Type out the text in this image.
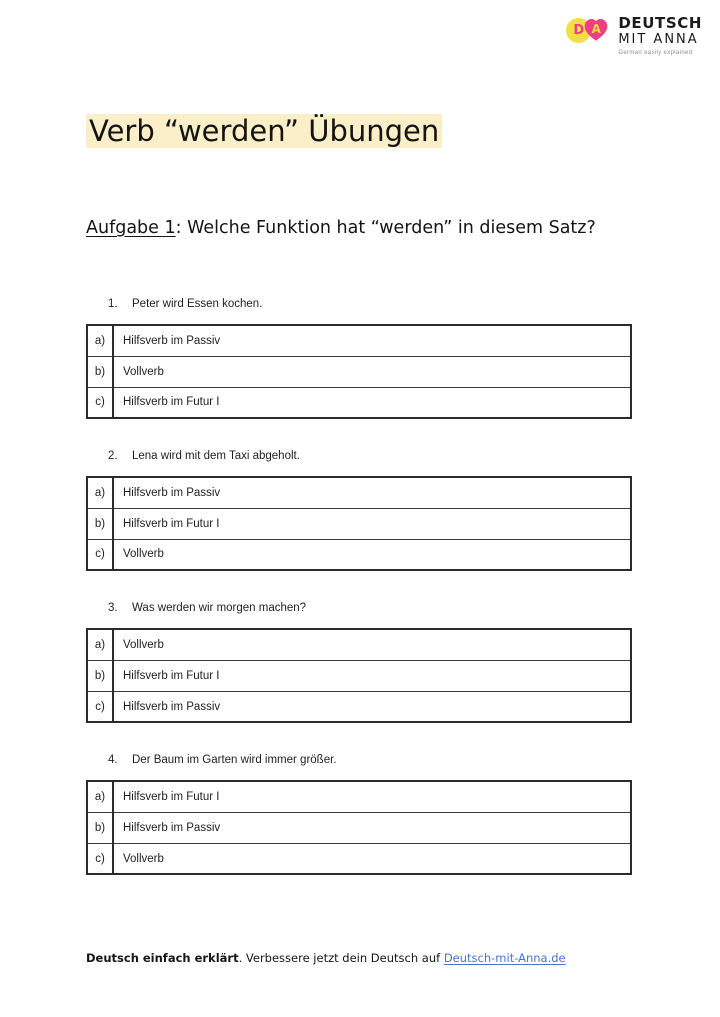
D A DEUTSCH
MIT ANNA
German easily explained
Verb “werden” Übungen
Aufgabe 1: Welche Funktion hat “werden” in diesem Satz?
1.	Peter wird Essen kochen.
a)	Hilfsverb im Passiv
b)	Vollverb
c)	Hilfsverb im Futur I
2.	Lena wird mit dem Taxi abgeholt.
a)	Hilfsverb im Passiv
b)	Hilfsverb im Futur I
c)	Vollverb
3.	Was werden wir morgen machen?
a)	Vollverb
b)	Hilfsverb im Futur I
c)	Hilfsverb im Passiv
4.	Der Baum im Garten wird immer größer.
a)	Hilfsverb im Futur I
b)	Hilfsverb im Passiv
c)	Vollverb
Deutsch einfach erklärt. Verbessere jetzt dein Deutsch auf Deutsch-mit-Anna.de
